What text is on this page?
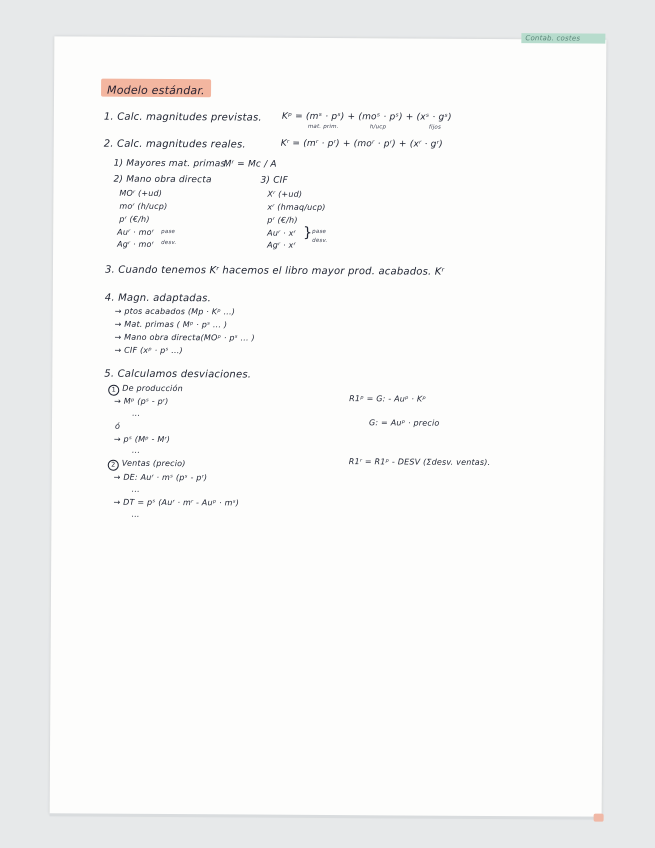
Contab. costes
Modelo estándar.
1. Calc. magnitudes previstas. Kᵖ = (mˢ · pˢ) + (moˢ · pˢ) + (xˢ · gˢ)
mat. prim.	h/ucp	fijos
2. Calc. magnitudes reales.	Kʳ = (mʳ · pʳ) + (moʳ · pʳ) + (xʳ · gʳ)
1) Mayores mat. primas.
Mʳ = Mc / A
2) Mano obra directa
MOʳ (+ud)
moʳ (h/ucp)
pʳ (€/h)
Auʳ · moʳ pase
Agʳ · moʳ desv.
3) CIF
Xʳ (+ud)
xʳ (hmaq/ucp)
pʳ (€/h)
Auʳ · xʳ
Agʳ · xʳ
} pase
desv.
3. Cuando tenemos Kʳ hacemos el libro mayor prod. acabados. Kʳ
4. Magn. adaptadas.
→ ptos acabados (Mp · Kᵖ ...)
→ Mat. primas ( Mᵖ · pˢ ... )
→ Mano obra directa(MOᵖ · pˢ ... )
→ CIF (xᵖ · pˢ ...)
5. Calculamos desviaciones.
1 De producción
→ Mᵖ (pˢ - pʳ)
...
ó
→ pˢ (Mᵖ - Mʳ)
...
2 Ventas (precio)
→ DE: Auʳ · mˢ (pˢ - pʳ)
...
→ DT = pˢ (Auʳ · mʳ - Auᵖ · mˢ)
...
R1ᵖ = G: - Auᵖ · Kᵖ
G: = Auᵖ · precio
R1ʳ = R1ᵖ - DESV (Σdesv. ventas).
